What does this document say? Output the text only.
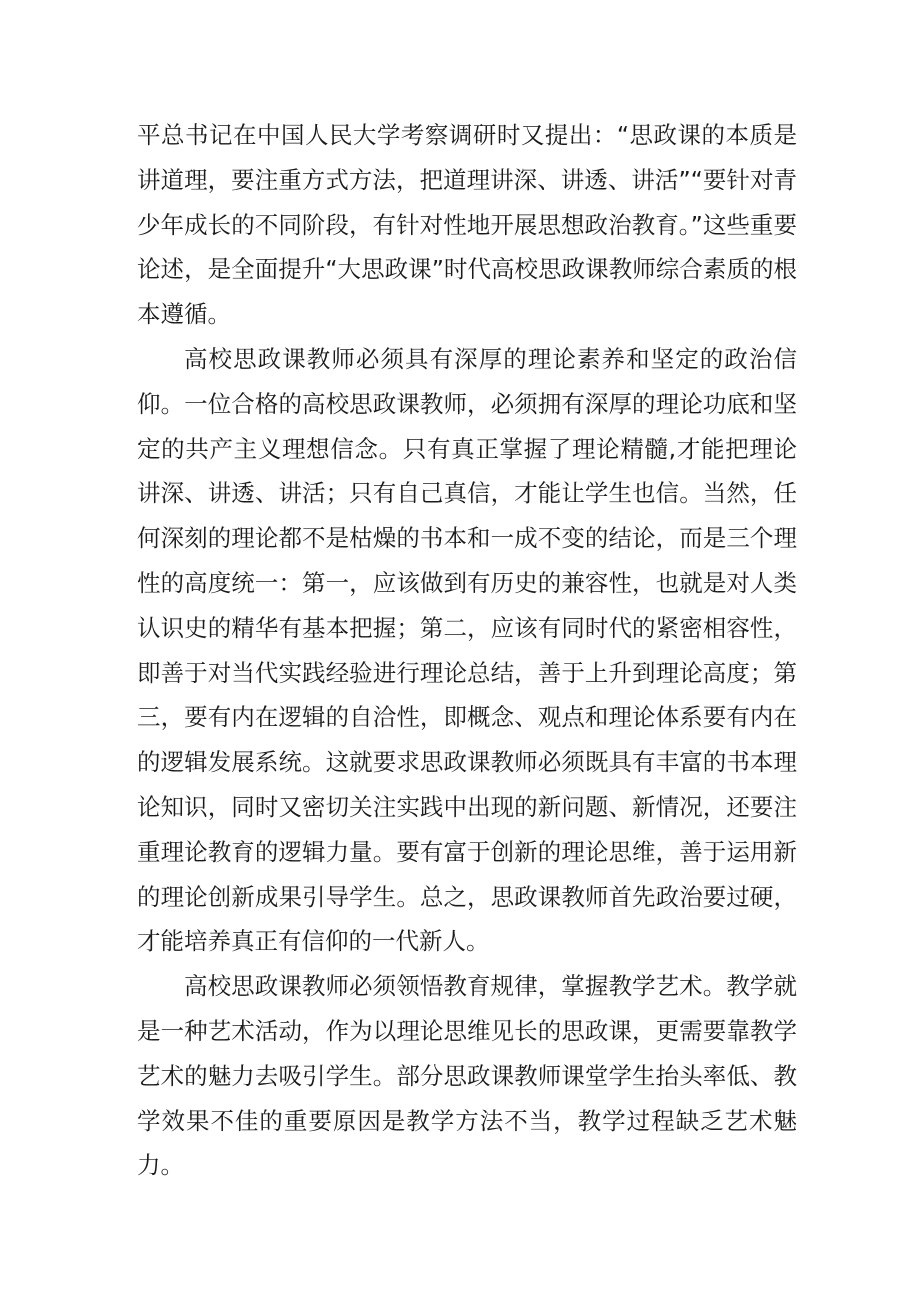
平总书记在中国人民大学考察调研时又提出：“思政课的本质是讲道理，要注重方式方法，把道理讲深、讲透、讲活”“要针对青少年成长的不同阶段，有针对性地开展思想政治教育。”这些重要论述，是全面提升“大思政课”时代高校思政课教师综合素质的根本遵循。

高校思政课教师必须具有深厚的理论素养和坚定的政治信仰。一位合格的高校思政课教师，必须拥有深厚的理论功底和坚定的共产主义理想信念。只有真正掌握了理论精髓,才能把理论讲深、讲透、讲活；只有自己真信，才能让学生也信。当然，任何深刻的理论都不是枯燥的书本和一成不变的结论，而是三个理性的高度统一：第一，应该做到有历史的兼容性，也就是对人类认识史的精华有基本把握；第二，应该有同时代的紧密相容性，即善于对当代实践经验进行理论总结，善于上升到理论高度；第三，要有内在逻辑的自洽性，即概念、观点和理论体系要有内在的逻辑发展系统。这就要求思政课教师必须既具有丰富的书本理论知识，同时又密切关注实践中出现的新问题、新情况，还要注重理论教育的逻辑力量。要有富于创新的理论思维，善于运用新的理论创新成果引导学生。总之，思政课教师首先政治要过硬，才能培养真正有信仰的一代新人。

高校思政课教师必须领悟教育规律，掌握教学艺术。教学就是一种艺术活动，作为以理论思维见长的思政课，更需要靠教学艺术的魅力去吸引学生。部分思政课教师课堂学生抬头率低、教学效果不佳的重要原因是教学方法不当，教学过程缺乏艺术魅力。
